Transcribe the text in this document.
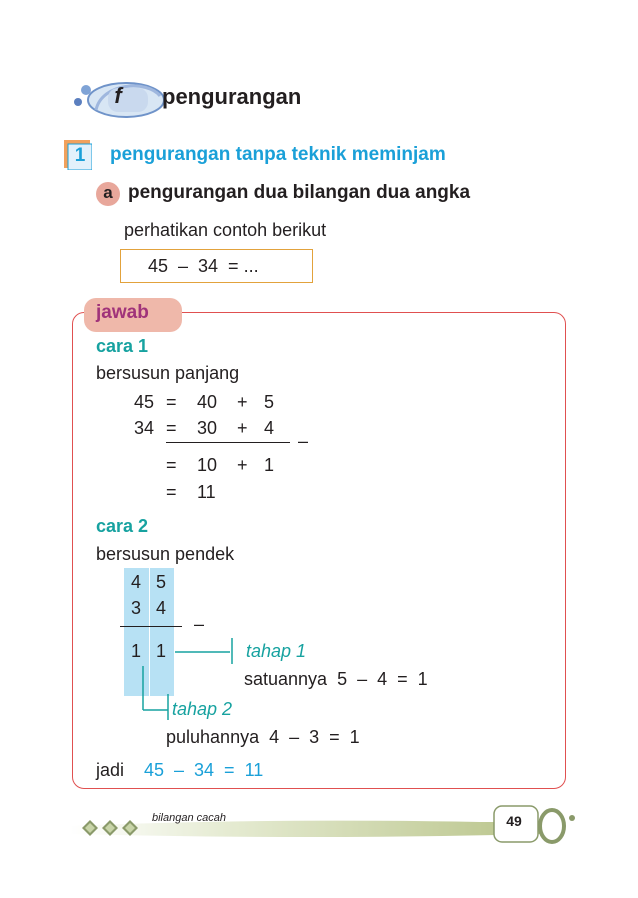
f	pengurangan
1	pengurangan tanpa teknik meminjam
a pengurangan dua bilangan dua angka
perhatikan contoh berikut
45  –  34  = ...
jawab
cara 1
bersusun panjang
45 = 40 + 5
34 = 30 + 4
–
= 10 + 1
= 11
cara 2
bersusun pendek
4 5
3 4
–
1 1	tahap 1
satuannya  5  –  4  =  1
tahap 2
puluhannya  4  –  3  =  1
jadi 45  –  34  =  11
bilangan cacah	49
